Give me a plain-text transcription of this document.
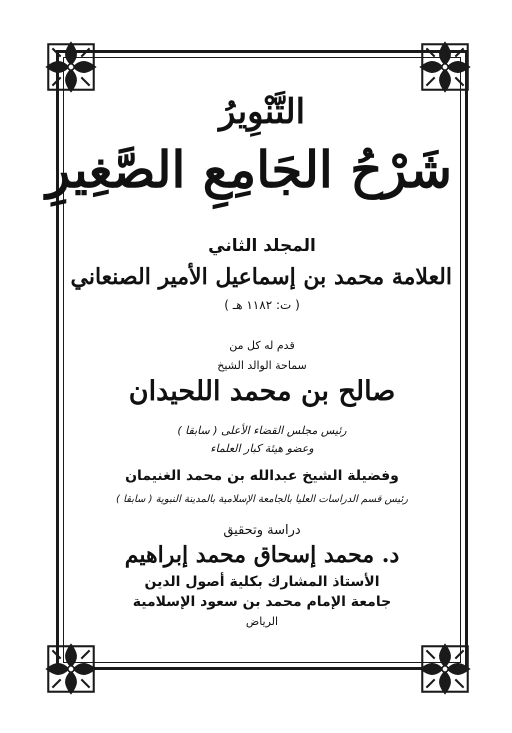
التَّنْوِيرُ
شَرْحُ الجَامِعِ الصَّغِيرِ
المجلد الثاني
العلامة محمد بن إسماعيل الأمير الصنعاني
( ت: ١١٨٢ هـ )
قدم له كل من
سماحة الوالد الشيخ
صالح بن محمد اللحيدان
رئيس مجلس القضاء الأعلى ( سابقا )
وعضو هيئة كبار العلماء
وفضيلة الشيخ عبدالله بن محمد الغنيمان
رئيس قسم الدراسات العليا بالجامعة الإسلامية بالمدينة النبوية ( سابقا )
دراسة وتحقيق
د. محمد إسحاق محمد إبراهيم
الأستاذ المشارك بكلية أصول الدين
جامعة الإمام محمد بن سعود الإسلامية
الرياض
